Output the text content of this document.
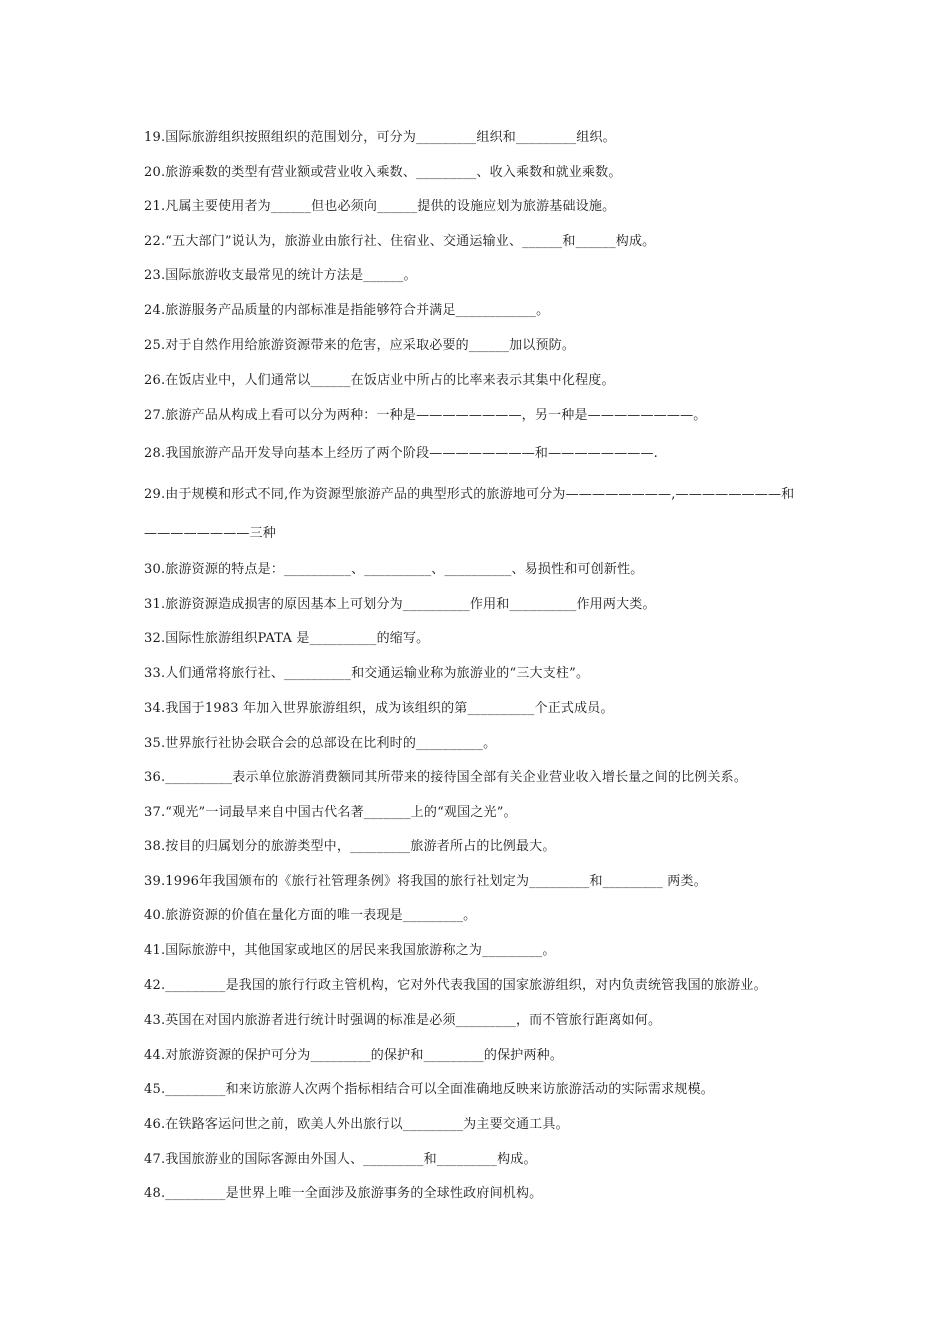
19.国际旅游组织按照组织的范围划分，可分为_________组织和_________组织。
20.旅游乘数的类型有营业额或营业收入乘数、_________、收入乘数和就业乘数。
21.凡属主要使用者为______但也必须向______提供的设施应划为旅游基础设施。
22.“五大部门”说认为，旅游业由旅行社、住宿业、交通运输业、______和______构成。
23.国际旅游收支最常见的统计方法是______。
24.旅游服务产品质量的内部标准是指能够符合并满足____________。
25.对于自然作用给旅游资源带来的危害，应采取必要的______加以预防。
26.在饭店业中，人们通常以______在饭店业中所占的比率来表示其集中化程度。
27.旅游产品从构成上看可以分为两种：一种是————————，另一种是————————。
28.我国旅游产品开发导向基本上经历了两个阶段————————和————————.
29.由于规模和形式不同,作为资源型旅游产品的典型形式的旅游地可分为————————,————————和
————————三种
30.旅游资源的特点是：__________、__________、__________、易损性和可创新性。
31.旅游资源造成损害的原因基本上可划分为__________作用和__________作用两大类。
32.国际性旅游组织PATA 是__________的缩写。
33.人们通常将旅行社、__________和交通运输业称为旅游业的“三大支柱”。
34.我国于1983 年加入世界旅游组织，成为该组织的第__________个正式成员。
35.世界旅行社协会联合会的总部设在比利时的__________。
36.__________表示单位旅游消费额同其所带来的接待国全部有关企业营业收入增长量之间的比例关系。
37.“观光”一词最早来自中国古代名著_______上的“观国之光”。
38.按目的归属划分的旅游类型中，_________旅游者所占的比例最大。
39.1996年我国颁布的《旅行社管理条例》将我国的旅行社划定为_________和_________ 两类。
40.旅游资源的价值在量化方面的唯一表现是_________。
41.国际旅游中，其他国家或地区的居民来我国旅游称之为_________。
42._________是我国的旅行行政主管机构，它对外代表我国的国家旅游组织，对内负责统管我国的旅游业。
43.英国在对国内旅游者进行统计时强调的标准是必须_________，而不管旅行距离如何。
44.对旅游资源的保护可分为_________的保护和_________的保护两种。
45._________和来访旅游人次两个指标相结合可以全面准确地反映来访旅游活动的实际需求规模。
46.在铁路客运问世之前，欧美人外出旅行以_________为主要交通工具。
47.我国旅游业的国际客源由外国人、_________和_________构成。
48._________是世界上唯一全面涉及旅游事务的全球性政府间机构。
